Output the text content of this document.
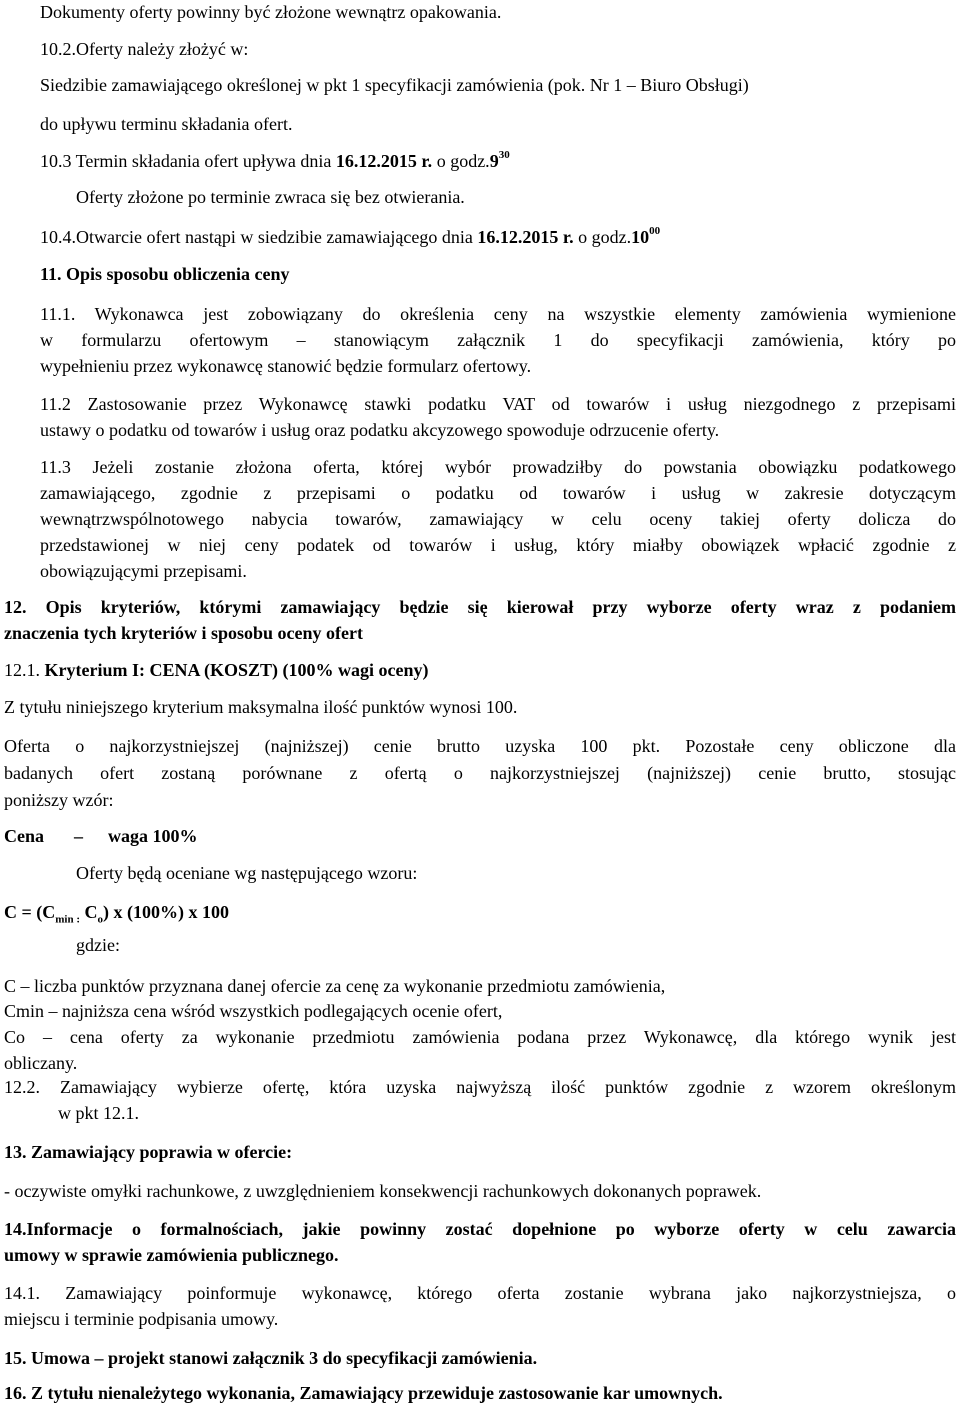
Dokumenty oferty powinny być złożone wewnątrz opakowania.
10.2.Oferty należy złożyć w:
Siedzibie zamawiającego określonej w pkt 1 specyfikacji zamówienia (pok. Nr 1 – Biuro Obsługi)
do upływu terminu składania ofert.
10.3 Termin składania ofert upływa dnia 16.12.2015 r. o $godz.9^{30}$
Oferty złożone po terminie zwraca się bez otwierania.
10.4.Otwarcie ofert nastąpi w siedzibie zamawiającego dnia 16.12.2015 r. o $godz.10^{00}$
11. Opis sposobu obliczenia ceny
11.1. Wykonawca jest zobowiązany do określenia ceny na wszystkie elementy zamówienia wymienione
w formularzu ofertowym – stanowiącym załącznik 1 do specyfikacji zamówienia, który po
wypełnieniu przez wykonawcę stanowić będzie formularz ofertowy.
11.2 Zastosowanie przez Wykonawcę stawki podatku VAT od towarów i usług niezgodnego z przepisami
ustawy o podatku od towarów i usług oraz podatku akcyzowego spowoduje odrzucenie oferty.
11.3 Jeżeli zostanie złożona oferta, której wybór prowadziłby do powstania obowiązku podatkowego
zamawiającego, zgodnie z przepisami o podatku od towarów i usług w zakresie dotyczącym
wewnątrzwspólnotowego nabycia towarów, zamawiający w celu oceny takiej oferty dolicza do
przedstawionej w niej ceny podatek od towarów i usług, który miałby obowiązek wpłacić zgodnie z
obowiązującymi przepisami.
12. Opis kryteriów, którymi zamawiający będzie się kierował przy wyborze oferty wraz z podaniem
znaczenia tych kryteriów i sposobu oceny ofert
12.1. Kryterium I: CENA (KOSZT) (100% wagi oceny)
Z tytułu niniejszego kryterium maksymalna ilość punktów wynosi 100.
Oferta o najkorzystniejszej (najniższej) cenie brutto uzyska 100 pkt. Pozostałe ceny obliczone dla
badanych ofert zostaną porównane z ofertą o najkorzystniejszej (najniższej) cenie brutto, stosując
poniższy wzór:
Cena – waga 100%
Oferty będą oceniane wg następującego wzoru:
$C = (C_{min :}$ $C_o$) x (100%) x 100
gdzie:
C – liczba punktów przyznana danej ofercie za cenę za wykonanie przedmiotu zamówienia,
Cmin – najniższa cena wśród wszystkich podlegających ocenie ofert,
Co – cena oferty za wykonanie przedmiotu zamówienia podana przez Wykonawcę, dla którego wynik jest
obliczany.
12.2. Zamawiający wybierze ofertę, która uzyska najwyższą ilość punktów zgodnie z wzorem określonym
w pkt 12.1.
13. Zamawiający poprawia w ofercie:
- oczywiste omyłki rachunkowe, z uwzględnieniem konsekwencji rachunkowych dokonanych poprawek.
14.Informacje o formalnościach, jakie powinny zostać dopełnione po wyborze oferty w celu zawarcia
umowy w sprawie zamówienia publicznego.
14.1. Zamawiający poinformuje wykonawcę, którego oferta zostanie wybrana jako najkorzystniejsza, o
miejscu i terminie podpisania umowy.
15. Umowa – projekt stanowi załącznik 3 do specyfikacji zamówienia.
16. Z tytułu nienależytego wykonania, Zamawiający przewiduje zastosowanie kar umownych.
